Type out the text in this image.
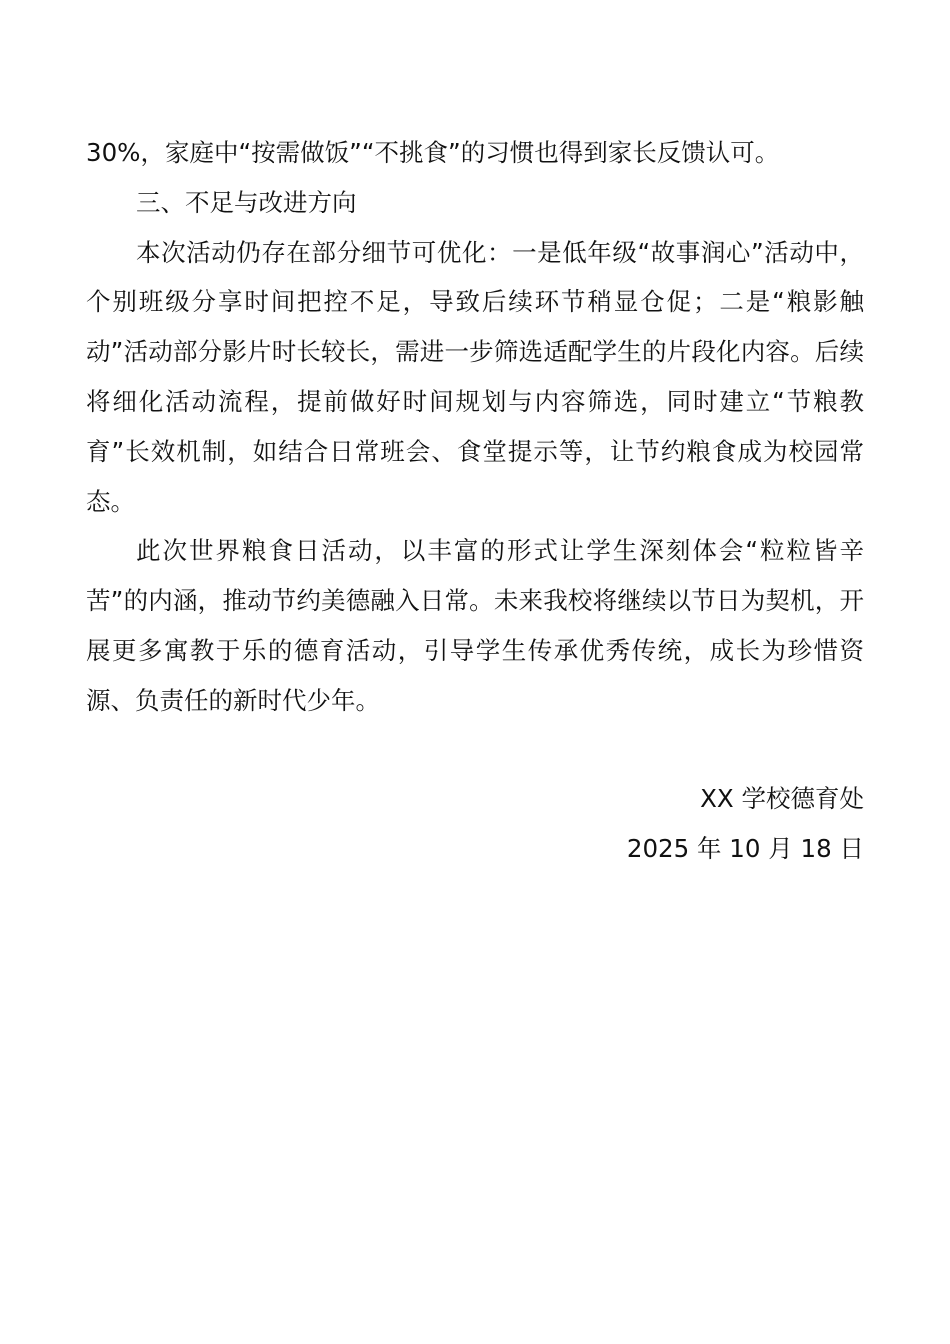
30%，家庭中“按需做饭”“不挑食”的习惯也得到家长反馈认可。

三、不足与改进方向

本次活动仍存在部分细节可优化：一是低年级“故事润心”活动中，个别班级分享时间把控不足，导致后续环节稍显仓促；二是“粮影触动”活动部分影片时长较长，需进一步筛选适配学生的片段化内容。后续将细化活动流程，提前做好时间规划与内容筛选，同时建立“节粮教育”长效机制，如结合日常班会、食堂提示等，让节约粮食成为校园常态。

此次世界粮食日活动，以丰富的形式让学生深刻体会“粒粒皆辛苦”的内涵，推动节约美德融入日常。未来我校将继续以节日为契机，开展更多寓教于乐的德育活动，引导学生传承优秀传统，成长为珍惜资源、负责任的新时代少年。

XX 学校德育处

2025 年 10 月 18 日
